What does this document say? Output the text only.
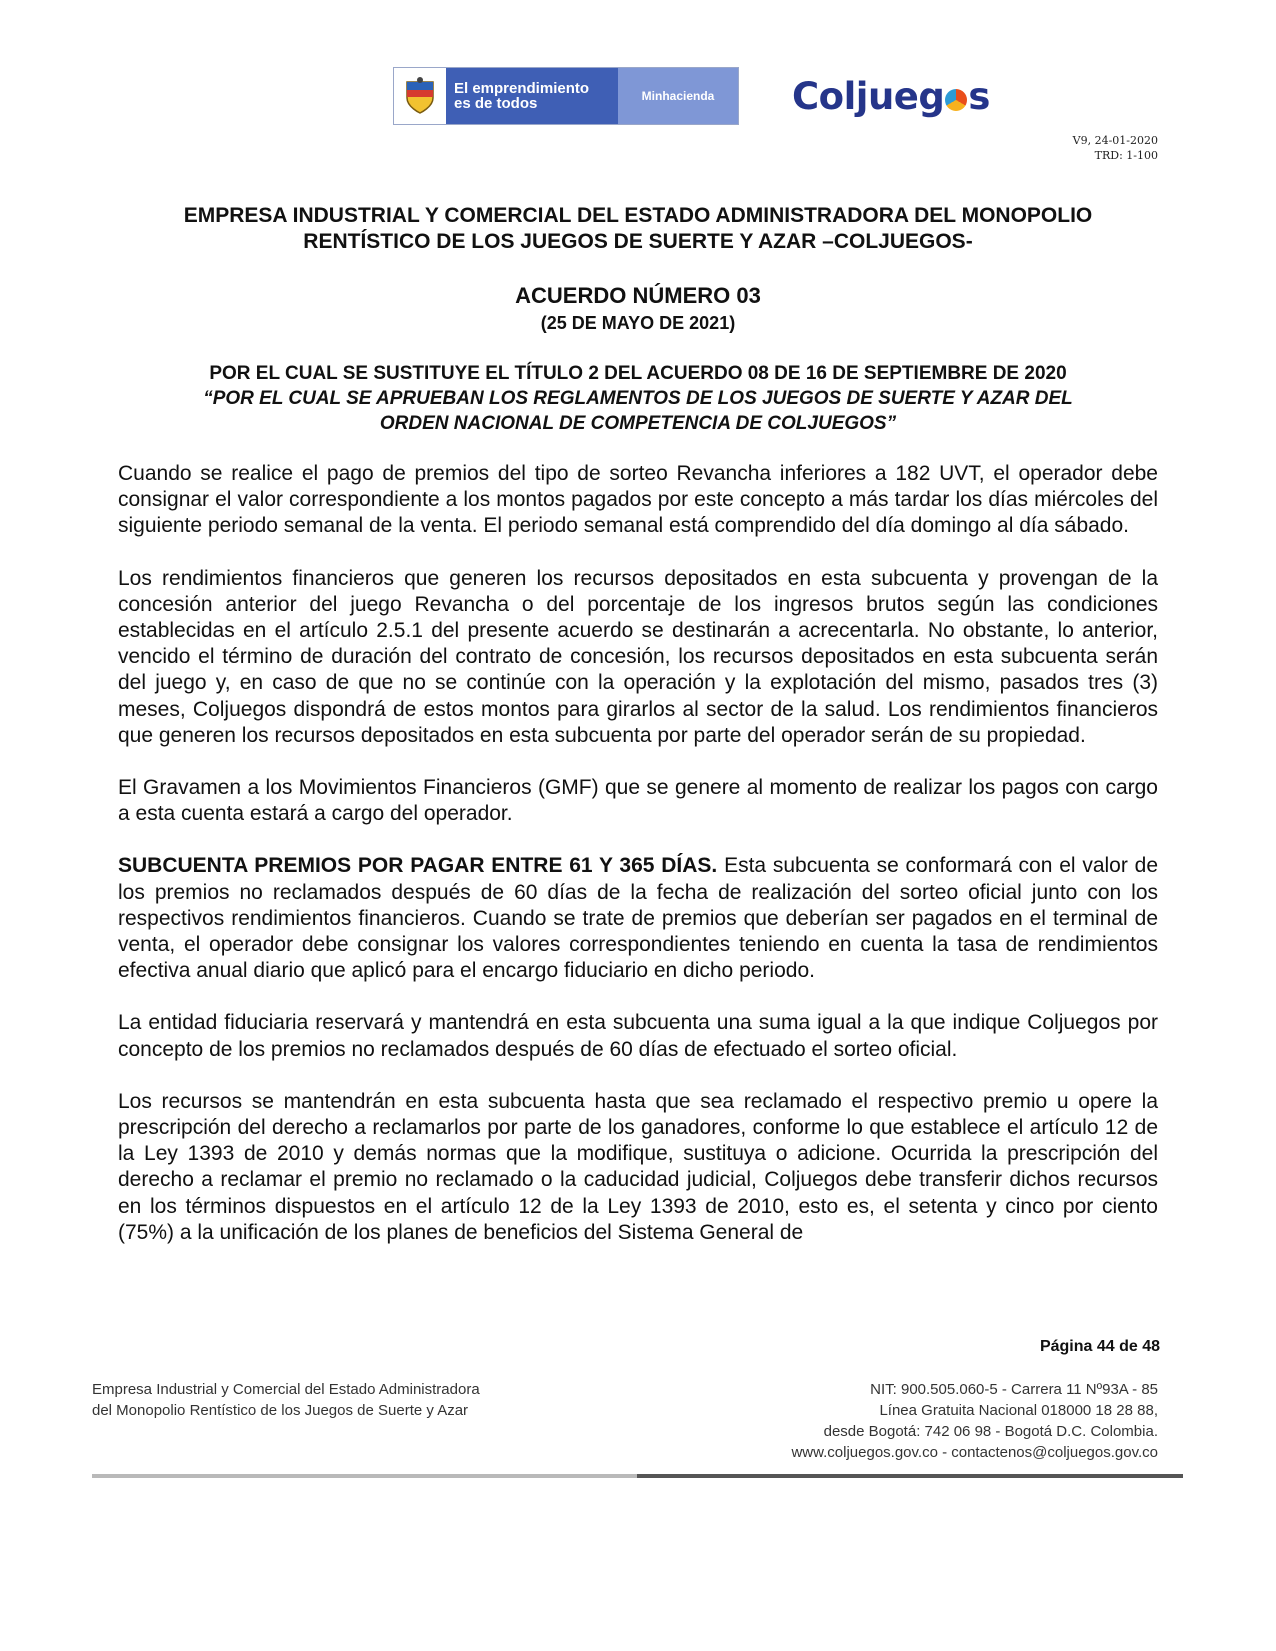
El emprendimiento
es de todos	Minhacienda	Coljueg s
V9, 24-01-2020
TRD: 1-100
EMPRESA INDUSTRIAL Y COMERCIAL DEL ESTADO ADMINISTRADORA DEL MONOPOLIO
RENTÍSTICO DE LOS JUEGOS DE SUERTE Y AZAR –COLJUEGOS-
ACUERDO NÚMERO 03
(25 DE MAYO DE 2021)
POR EL CUAL SE SUSTITUYE EL TÍTULO 2 DEL ACUERDO 08 DE 16 DE SEPTIEMBRE DE 2020
“POR EL CUAL SE APRUEBAN LOS REGLAMENTOS DE LOS JUEGOS DE SUERTE Y AZAR DEL
ORDEN NACIONAL DE COMPETENCIA DE COLJUEGOS”

Cuando se realice el pago de premios del tipo de sorteo Revancha inferiores a 182 UVT, el operador debe consignar el valor correspondiente a los montos pagados por este concepto a más tardar los días miércoles del siguiente periodo semanal de la venta. El periodo semanal está comprendido del día domingo al día sábado.

Los rendimientos financieros que generen los recursos depositados en esta subcuenta y provengan de la concesión anterior del juego Revancha o del porcentaje de los ingresos brutos según las condiciones establecidas en el artículo 2.5.1 del presente acuerdo se destinarán a acrecentarla. No obstante, lo anterior, vencido el término de duración del contrato de concesión, los recursos depositados en esta subcuenta serán del juego y, en caso de que no se continúe con la operación y la explotación del mismo, pasados tres (3) meses, Coljuegos dispondrá de estos montos para girarlos al sector de la salud. Los rendimientos financieros que generen los recursos depositados en esta subcuenta por parte del operador serán de su propiedad.

El Gravamen a los Movimientos Financieros (GMF) que se genere al momento de realizar los pagos con cargo a esta cuenta estará a cargo del operador.

SUBCUENTA PREMIOS POR PAGAR ENTRE 61 Y 365 DÍAS. Esta subcuenta se conformará con el valor de los premios no reclamados después de 60 días de la fecha de realización del sorteo oficial junto con los respectivos rendimientos financieros. Cuando se trate de premios que deberían ser pagados en el terminal de venta, el operador debe consignar los valores correspondientes teniendo en cuenta la tasa de rendimientos efectiva anual diario que aplicó para el encargo fiduciario en dicho periodo.

La entidad fiduciaria reservará y mantendrá en esta subcuenta una suma igual a la que indique Coljuegos por concepto de los premios no reclamados después de 60 días de efectuado el sorteo oficial.

Los recursos se mantendrán en esta subcuenta hasta que sea reclamado el respectivo premio u opere la prescripción del derecho a reclamarlos por parte de los ganadores, conforme lo que establece el artículo 12 de la Ley 1393 de 2010 y demás normas que la modifique, sustituya o adicione. Ocurrida la prescripción del derecho a reclamar el premio no reclamado o la caducidad judicial, Coljuegos debe transferir dichos recursos en los términos dispuestos en el artículo 12 de la Ley 1393 de 2010, esto es, el setenta y cinco por ciento (75%) a la unificación de los planes de beneficios del Sistema General de

Página 44 de 48
Empresa Industrial y Comercial del Estado Administradora
del Monopolio Rentístico de los Juegos de Suerte y Azar
NIT: 900.505.060-5 - Carrera 11 Nº93A - 85
Línea Gratuita Nacional 018000 18 28 88,
desde Bogotá: 742 06 98 - Bogotá D.C. Colombia.
www.coljuegos.gov.co - contactenos@coljuegos.gov.co
